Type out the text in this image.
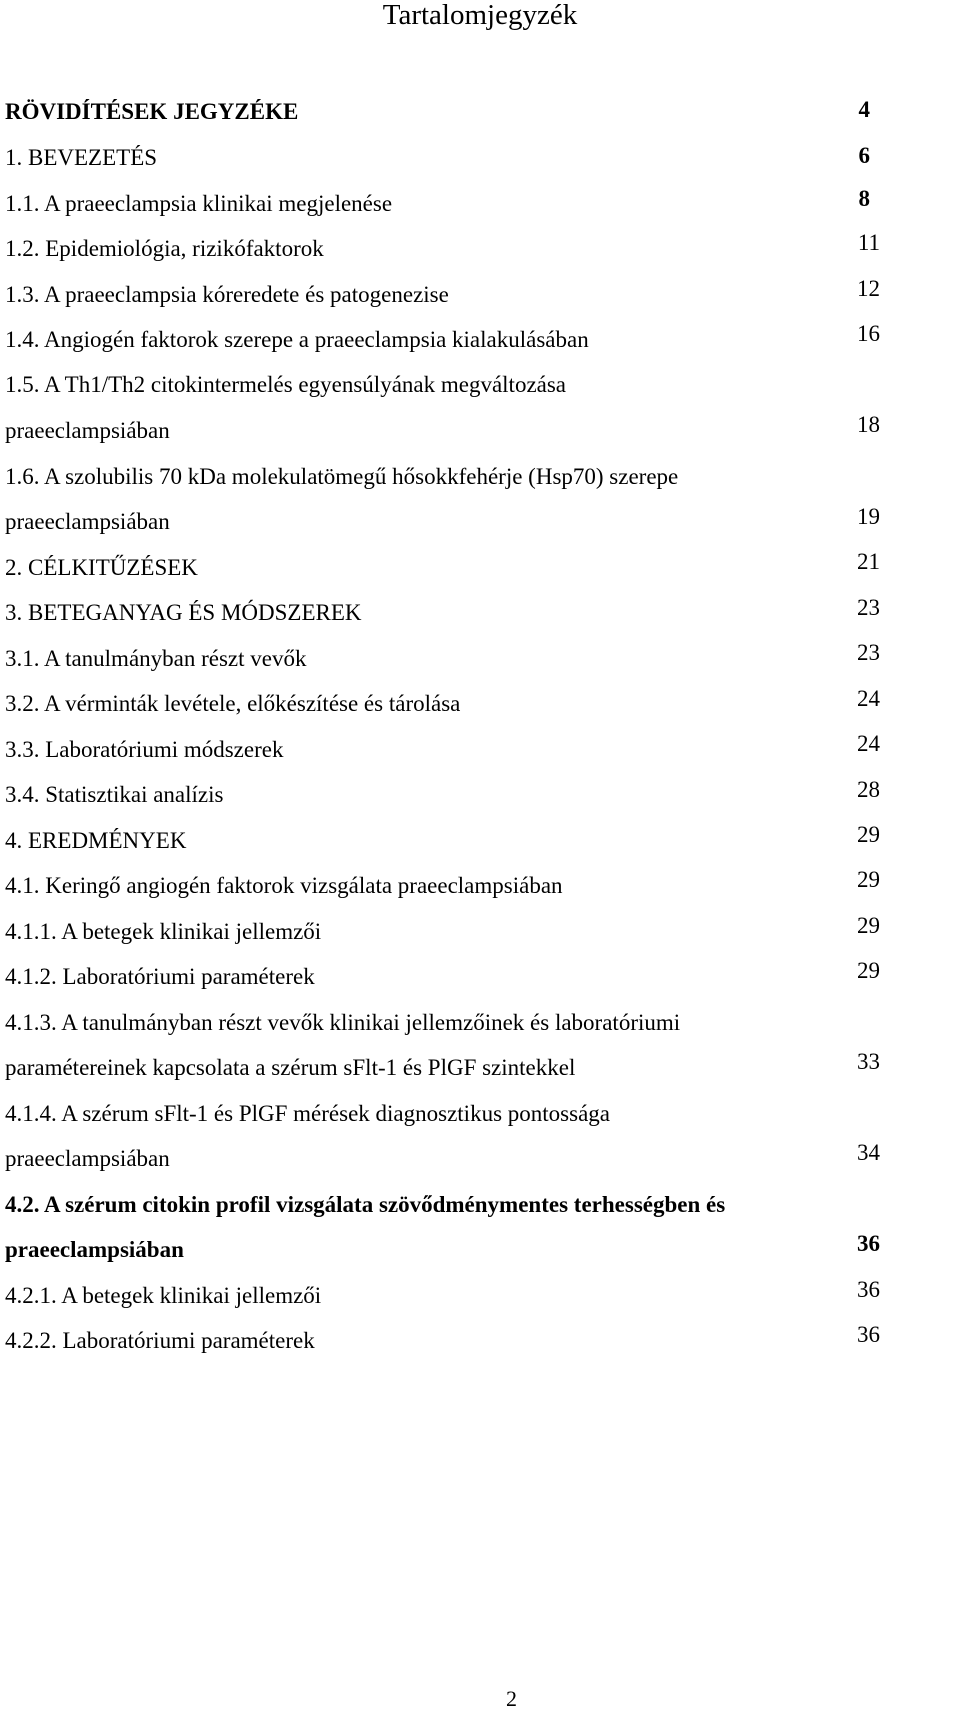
Tartalomjegyzék
RÖVIDÍTÉSEK JEGYZÉKE	4
1. BEVEZETÉS	6
1.1. A praeeclampsia klinikai megjelenése	8
1.2. Epidemiológia, rizikófaktorok	11
1.3. A praeeclampsia kóreredete és patogenezise	12
1.4. Angiogén faktorok szerepe a praeeclampsia kialakulásában	16
1.5. A Th1/Th2 citokintermelés egyensúlyának megváltozása
praeeclampsiában	18
1.6. A szolubilis 70 kDa molekulatömegű hősokkfehérje (Hsp70) szerepe
praeeclampsiában	19
2. CÉLKITŰZÉSEK	21
3. BETEGANYAG ÉS MÓDSZEREK	23
3.1. A tanulmányban részt vevők	23
3.2. A vérminták levétele, előkészítése és tárolása	24
3.3. Laboratóriumi módszerek	24
3.4. Statisztikai analízis	28
4. EREDMÉNYEK	29
4.1. Keringő angiogén faktorok vizsgálata praeeclampsiában	29
4.1.1. A betegek klinikai jellemzői	29
4.1.2. Laboratóriumi paraméterek	29
4.1.3. A tanulmányban részt vevők klinikai jellemzőinek és laboratóriumi
paramétereinek kapcsolata a szérum sFlt-1 és PlGF szintekkel	33
4.1.4. A szérum sFlt-1 és PlGF mérések diagnosztikus pontossága
praeeclampsiában	34
4.2. A szérum citokin profil vizsgálata szövődménymentes terhességben és
praeeclampsiában	36
4.2.1. A betegek klinikai jellemzői	36
4.2.2. Laboratóriumi paraméterek	36
2
